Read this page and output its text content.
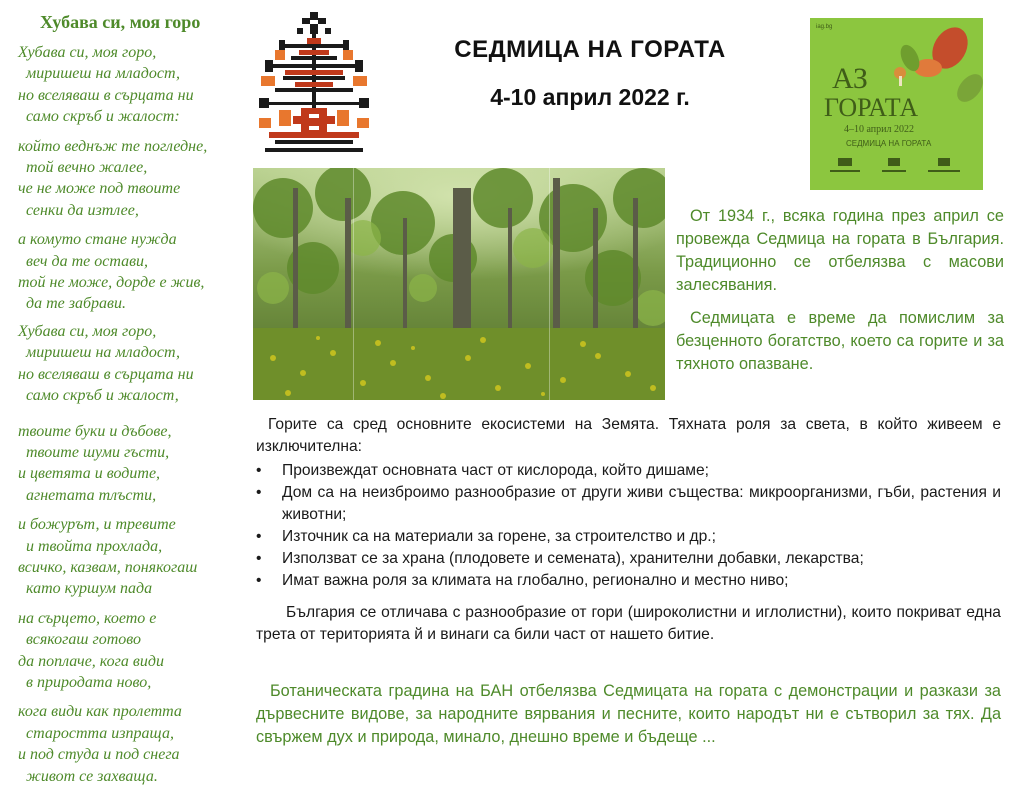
Хубава си, моя горо
Хубава си, моя горо,
миришеш на младост,
но вселяваш в сърцата ни
само скръб и жалост:
който веднъж те погледне,
той вечно жалее,
че не може под твоите
сенки да изтлее,
а комуто стане нужда
веч да те остави,
той не може, дорде е жив,
да те забрави.
Хубава си, моя горо,
миришеш на младост,
но вселяваш в сърцата ни
само скръб и жалост,
твоите буки и дъбове,
твоите шуми гъсти,
и цветята и водите,
агнетата тлъсти,
и божурът, и тревите
и твойта прохлада,
всичко, казвам, понякогаш
като куршум пада
на сърцето, което е
всякогаш готово
да поплаче, кога види
в природата ново,
кога види как пролетта
старостта изпраща,
и под студа и под снега
живот се захваща.
СЕДМИЦА НА ГОРАТА
4-10 април 2022 г.
iag.bg
АЗ
ГОРАТА
4–10 април 2022
СЕДМИЦА НА ГОРАТА

От 1934 г., всяка година през април се провежда Седмица на гората в България. Традиционно се отбелязва с масови залесявания.

Седмицата е време да помислим за безценното богатство, което са горите и за тяхното опазване.

Горите са сред основните екосистеми на Земята. Тяхната роля за света, в който живеем е изключителна:

• Произвеждат основната част от кислорода, който дишаме;
• Дом са на неизброимо разнообразие от други живи същества: микроорганизми, гъби, растения и животни;
• Източник са на материали за горене, за строителство и др.;
• Използват се за храна (плодовете и семената), хранителни добавки, лекарства;
• Имат важна роля за климата на глобално, регионално и местно ниво;

България се отличава с разнообразие от гори (широколистни и иглолистни), които покриват една трета от територията й и винаги са били част от нашето битие.

Ботаническата градина на БАН отбелязва Седмицата на гората с демонстрации и разкази за дървесните видове, за народните вярвания и песните, които народът ни е сътворил за тях. Да свържем дух и природа, минало, днешно време и бъдеще ...
